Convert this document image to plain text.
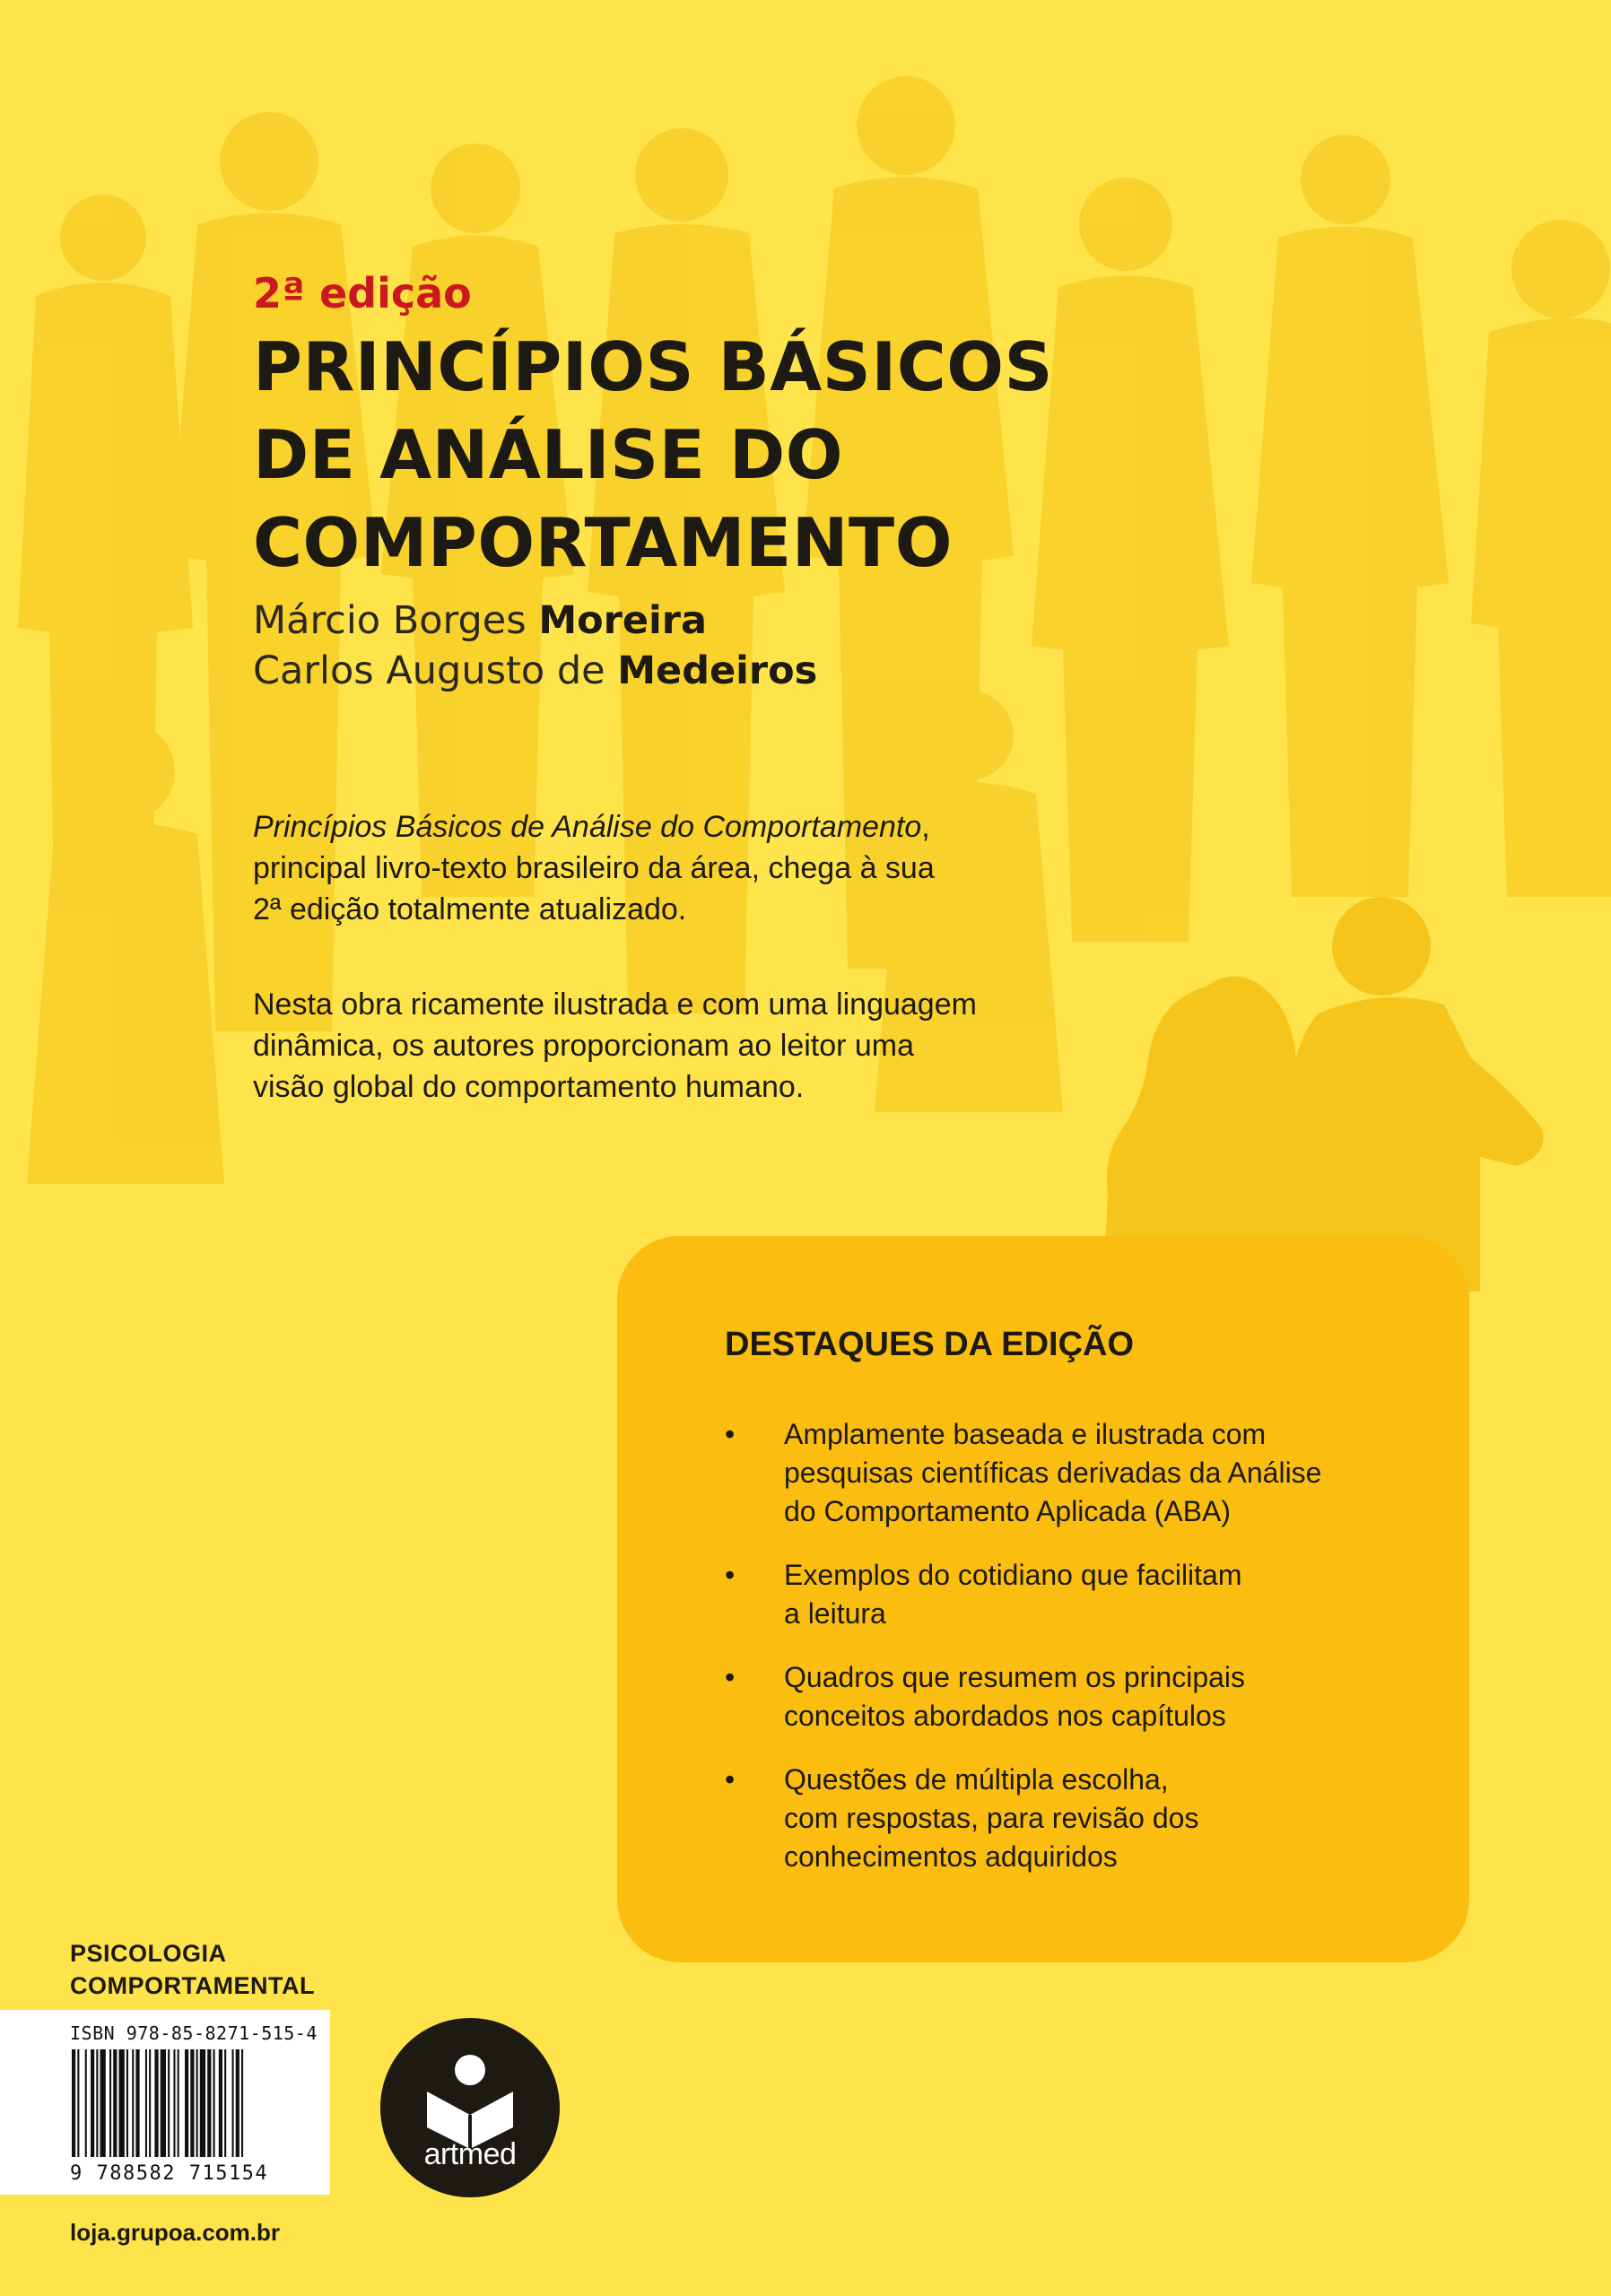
2ª edição
PRINCÍPIOS BÁSICOS
DE ANÁLISE DO
COMPORTAMENTO
Márcio Borges Moreira
Carlos Augusto de Medeiros

Princípios Básicos de Análise do Comportamento,

principal livro-texto brasileiro da área, chega à sua

2ª edição totalmente atualizado.

Nesta obra ricamente ilustrada e com uma linguagem

dinâmica, os autores proporcionam ao leitor uma

visão global do comportamento humano.

DESTAQUES DA EDIÇÃO
• Amplamente baseada e ilustrada com
pesquisas científicas derivadas da Análise
do Comportamento Aplicada (ABA)
• Exemplos do cotidiano que facilitam
a leitura
• Quadros que resumem os principais
conceitos abordados nos capítulos
• Questões de múltipla escolha,
com respostas, para revisão dos
conhecimentos adquiridos
PSICOLOGIA
COMPORTAMENTAL
ISBN 978-85-8271-515-4
9 788582 715154
loja.grupoa.com.br
artmed
